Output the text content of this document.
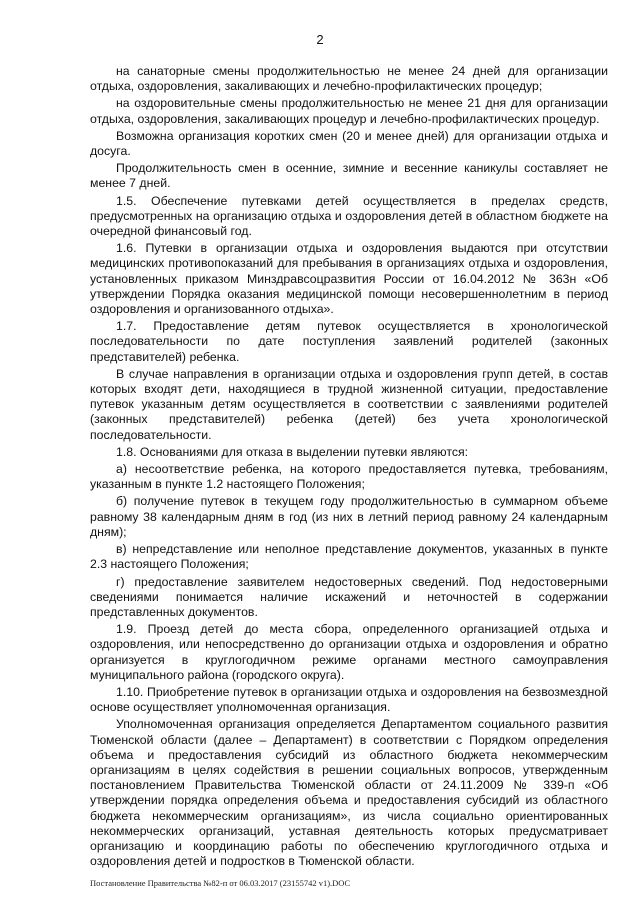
2

на санаторные смены продолжительностью не менее 24 дней для организации отдыха, оздоровления, закаливающих и лечебно-профилактических процедур;

на оздоровительные смены продолжительностью не менее 21 дня для организации отдыха, оздоровления, закаливающих процедур и лечебно-профилактических процедур.

Возможна организация коротких смен (20 и менее дней) для организации отдыха и досуга.

Продолжительность смен в осенние, зимние и весенние каникулы составляет не менее 7 дней.

1.5. Обеспечение путевками детей осуществляется в пределах средств, предусмотренных на организацию отдыха и оздоровления детей в областном бюджете на очередной финансовый год.

1.6. Путевки в организации отдыха и оздоровления выдаются при отсутствии медицинских противопоказаний для пребывания в организациях отдыха и оздоровления, установленных приказом Минздравсоцразвития России от 16.04.2012 № 363н «Об утверждении Порядка оказания медицинской помощи несовершеннолетним в период оздоровления и организованного отдыха».

1.7. Предоставление детям путевок осуществляется в хронологической последовательности по дате поступления заявлений родителей (законных представителей) ребенка.

В случае направления в организации отдыха и оздоровления групп детей, в состав которых входят дети, находящиеся в трудной жизненной ситуации, предоставление путевок указанным детям осуществляется в соответствии с заявлениями родителей (законных представителей) ребенка (детей) без учета хронологической последовательности.

1.8. Основаниями для отказа в выделении путевки являются:

а) несоответствие ребенка, на которого предоставляется путевка, требованиям, указанным в пункте 1.2 настоящего Положения;

б) получение путевок в текущем году продолжительностью в суммарном объеме равному 38 календарным дням в год (из них в летний период равному 24 календарным дням);

в) непредставление или неполное представление документов, указанных в пункте 2.3 настоящего Положения;

г) предоставление заявителем недостоверных сведений. Под недостоверными сведениями понимается наличие искажений и неточностей в содержании представленных документов.

1.9. Проезд детей до места сбора, определенного организацией отдыха и оздоровления, или непосредственно до организации отдыха и оздоровления и обратно организуется в круглогодичном режиме органами местного самоуправления муниципального района (городского округа).

1.10. Приобретение путевок в организации отдыха и оздоровления на безвозмездной основе осуществляет уполномоченная организация.

Уполномоченная организация определяется Департаментом социального развития Тюменской области (далее – Департамент) в соответствии с Порядком определения объема и предоставления субсидий из областного бюджета некоммерческим организациям в целях содействия в решении социальных вопросов, утвержденным постановлением Правительства Тюменской области от 24.11.2009 № 339-п «Об утверждении порядка определения объема и предоставления субсидий из областного бюджета некоммерческим организациям», из числа социально ориентированных некоммерческих организаций, уставная деятельность которых предусматривает организацию и координацию работы по обеспечению круглогодичного отдыха и оздоровления детей и подростков в Тюменской области.

Постановление Правительства №82-п от 06.03.2017 (23155742 v1).DOC
